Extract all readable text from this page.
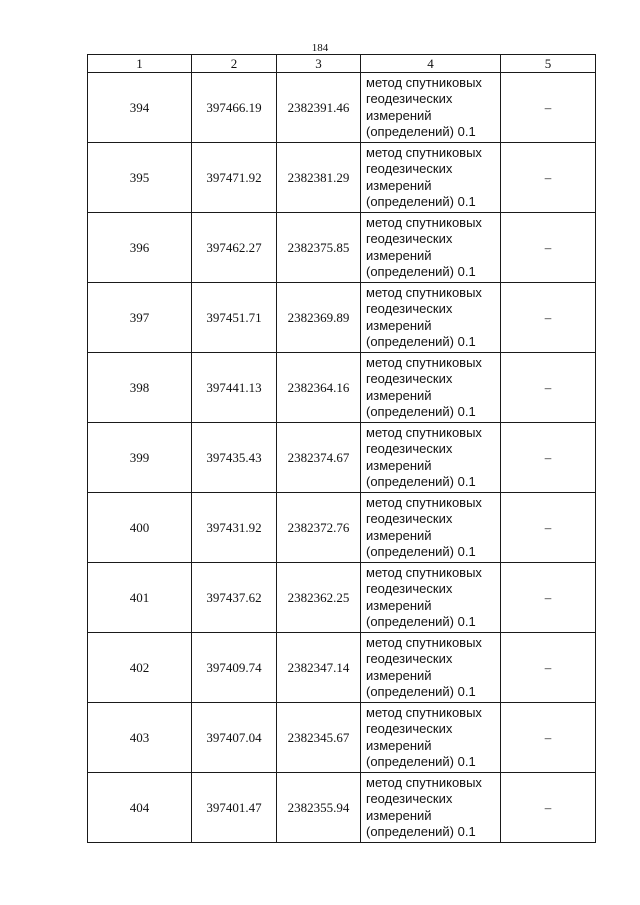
184
1	2	3	4	5
394	397466.19	2382391.46	метод спутниковых
геодезических
измерений
(определений) 0.1	–
395	397471.92	2382381.29	метод спутниковых
геодезических
измерений
(определений) 0.1	–
396	397462.27	2382375.85	метод спутниковых
геодезических
измерений
(определений) 0.1	–
397	397451.71	2382369.89	метод спутниковых
геодезических
измерений
(определений) 0.1	–
398	397441.13	2382364.16	метод спутниковых
геодезических
измерений
(определений) 0.1	–
399	397435.43	2382374.67	метод спутниковых
геодезических
измерений
(определений) 0.1	–
400	397431.92	2382372.76	метод спутниковых
геодезических
измерений
(определений) 0.1	–
401	397437.62	2382362.25	метод спутниковых
геодезических
измерений
(определений) 0.1	–
402	397409.74	2382347.14	метод спутниковых
геодезических
измерений
(определений) 0.1	–
403	397407.04	2382345.67	метод спутниковых
геодезических
измерений
(определений) 0.1	–
404	397401.47	2382355.94	метод спутниковых
геодезических
измерений
(определений) 0.1	–
